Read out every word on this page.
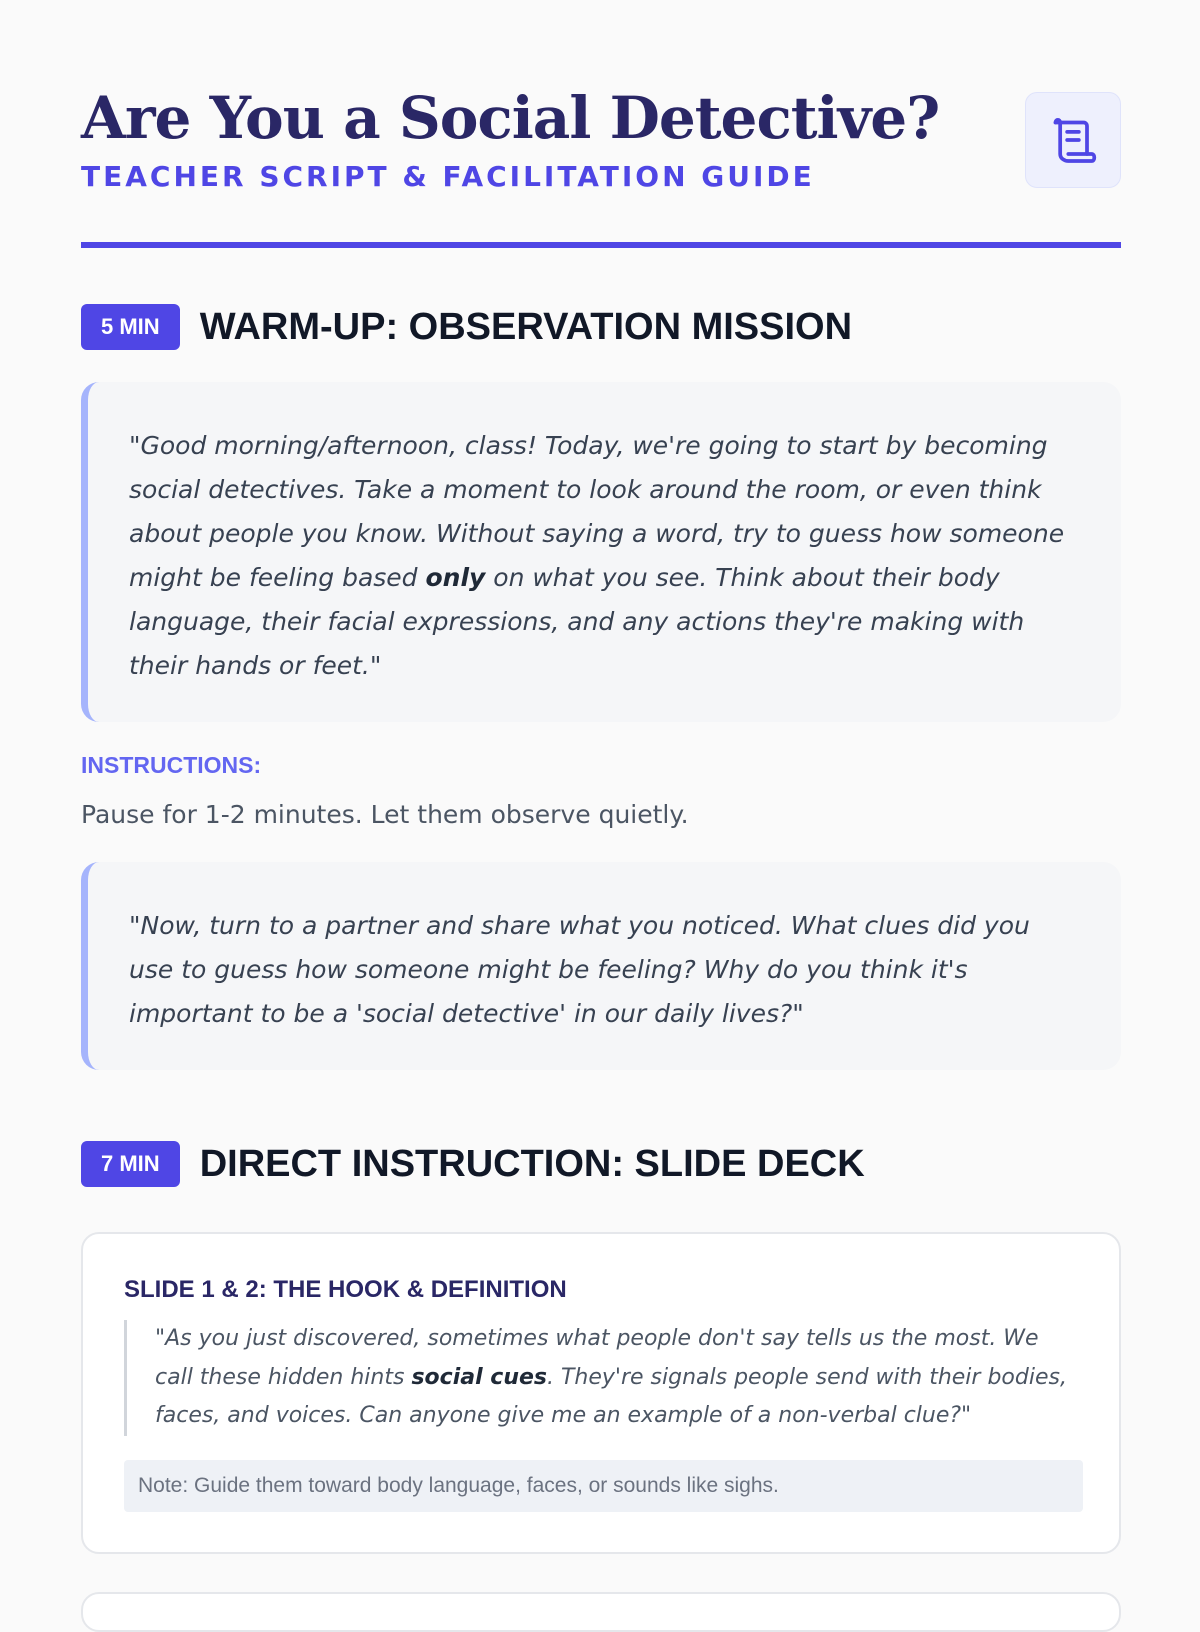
Are You a Social Detective?
TEACHER SCRIPT & FACILITATION GUIDE
5 MIN	WARM-UP: OBSERVATION MISSION

"Good morning/afternoon, class! Today, we're going to start by becoming social detectives. Take a moment to look around the room, or even think about people you know. Without saying a word, try to guess how someone might be feeling based only on what you see. Think about their body language, their facial expressions, and any actions they're making with their hands or feet."

INSTRUCTIONS:
Pause for 1-2 minutes. Let them observe quietly.

"Now, turn to a partner and share what you noticed. What clues did you use to guess how someone might be feeling? Why do you think it's important to be a 'social detective' in our daily lives?"

7 MIN	DIRECT INSTRUCTION: SLIDE DECK
SLIDE 1 & 2: THE HOOK & DEFINITION

"As you just discovered, sometimes what people don't say tells us the most. We call these hidden hints social cues. They're signals people send with their bodies, faces, and voices. Can anyone give me an example of a non-verbal clue?"

Note: Guide them toward body language, faces, or sounds like sighs.
